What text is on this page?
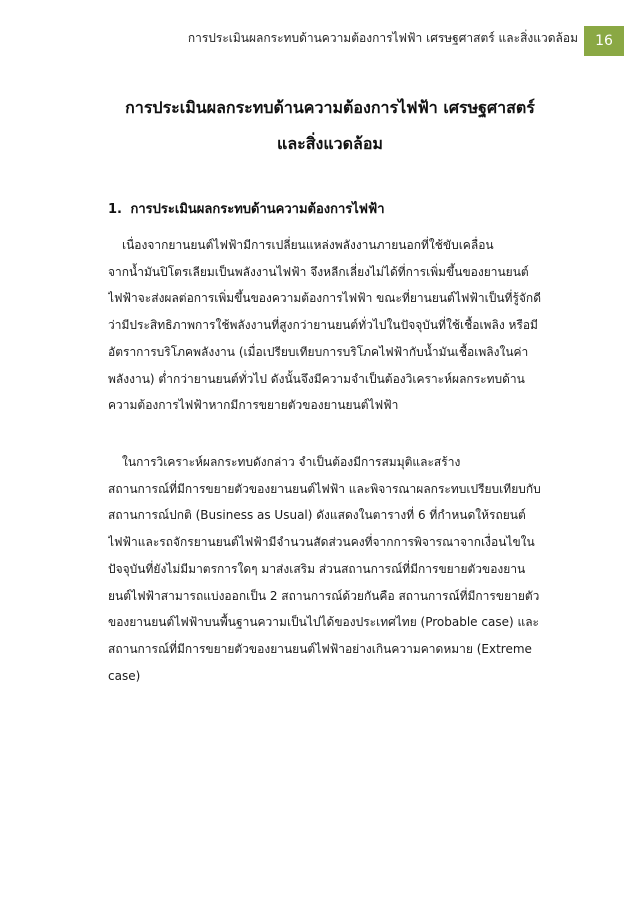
การประเมินผลกระทบด้านความต้องการไฟฟ้า เศรษฐศาสตร์ และสิ่งแวดล้อม 16
การประเมินผลกระทบด้านความต้องการไฟฟ้า เศรษฐศาสตร์
และสิ่งแวดล้อม
1. การประเมินผลกระทบด้านความต้องการไฟฟ้า
เนื่องจากยานยนต์ไฟฟ้ามีการเปลี่ยนแหล่งพลังงานภายนอกที่ใช้ขับเคลื่อน
จากน้ำมันปิโตรเลียมเป็นพลังงานไฟฟ้า จึงหลีกเลี่ยงไม่ได้ที่การเพิ่มขึ้นของยานยนต์
ไฟฟ้าจะส่งผลต่อการเพิ่มขึ้นของความต้องการไฟฟ้า ขณะที่ยานยนต์ไฟฟ้าเป็นที่รู้จักดี
ว่ามีประสิทธิภาพการใช้พลังงานที่สูงกว่ายานยนต์ทั่วไปในปัจจุบันที่ใช้เชื้อเพลิง หรือมี
อัตราการบริโภคพลังงาน (เมื่อเปรียบเทียบการบริโภคไฟฟ้ากับน้ำมันเชื้อเพลิงในค่า
พลังงาน) ต่ำกว่ายานยนต์ทั่วไป ดังนั้นจึงมีความจำเป็นต้องวิเคราะห์ผลกระทบด้าน
ความต้องการไฟฟ้าหากมีการขยายตัวของยานยนต์ไฟฟ้า
ในการวิเคราะห์ผลกระทบดังกล่าว จำเป็นต้องมีการสมมุติและสร้าง
สถานการณ์ที่มีการขยายตัวของยานยนต์ไฟฟ้า และพิจารณาผลกระทบเปรียบเทียบกับ
สถานการณ์ปกติ (Business as Usual) ดังแสดงในตารางที่ 6 ที่กำหนดให้รถยนต์
ไฟฟ้าและรถจักรยานยนต์ไฟฟ้ามีจำนวนสัดส่วนคงที่จากการพิจารณาจากเงื่อนไขใน
ปัจจุบันที่ยังไม่มีมาตรการใดๆ มาส่งเสริม ส่วนสถานการณ์ที่มีการขยายตัวของยาน
ยนต์ไฟฟ้าสามารถแบ่งออกเป็น 2 สถานการณ์ด้วยกันคือ สถานการณ์ที่มีการขยายตัว
ของยานยนต์ไฟฟ้าบนพื้นฐานความเป็นไปได้ของประเทศไทย (Probable case) และ
สถานการณ์ที่มีการขยายตัวของยานยนต์ไฟฟ้าอย่างเกินความคาดหมาย (Extreme
case)
